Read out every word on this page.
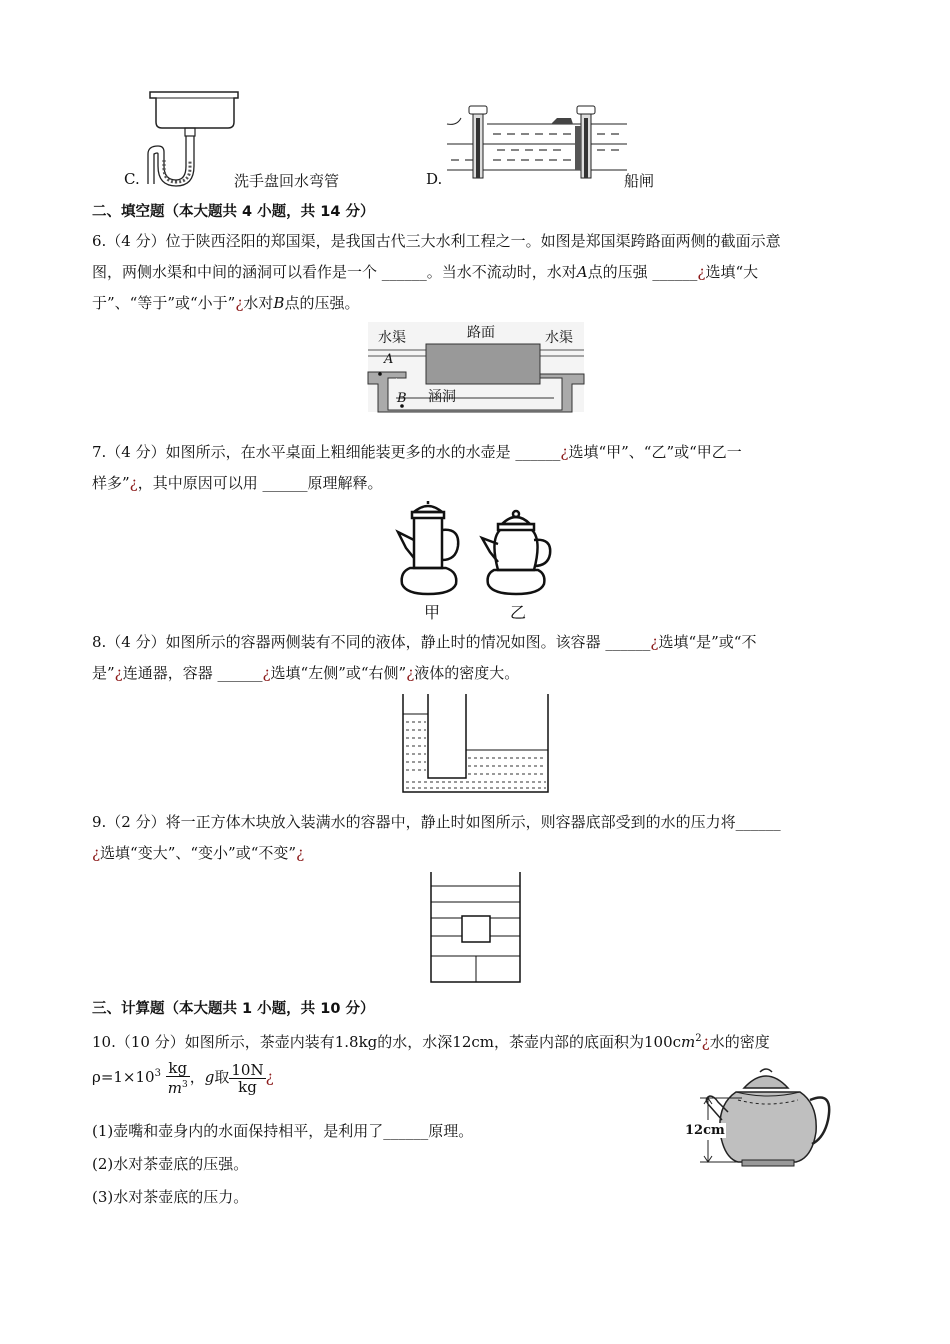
C.	洗手盘回水弯管	D.	船闸
二、填空题（本大题共 4 小题，共 14 分）
6.（4 分）位于陕西泾阳的郑国渠，是我国古代三大水利工程之一。如图是郑国渠跨路面两侧的截面示意
图，两侧水渠和中间的涵洞可以看作是一个 ______。当水不流动时，水对A点的压强 ______¿选填“大
于”、“等于”或“小于”¿水对B点的压强。
水渠	路面	水渠
A
B 涵洞
7.（4 分）如图所示，在水平桌面上粗细能装更多的水的水壶是 ______¿选填“甲”、“乙”或“甲乙一
样多”¿，其中原因可以用 ______原理解释。
甲	乙
8.（4 分）如图所示的容器两侧装有不同的液体，静止时的情况如图。该容器 ______¿选填“是”或“不
是”¿连通器，容器 ______¿选填“左侧”或“右侧”¿液体的密度大。
9.（2 分）将一正方体木块放入装满水的容器中，静止时如图所示，则容器底部受到的水的压力将______
¿选填“变大”、“变小”或“不变”¿
三、计算题（本大题共 1 小题，共 10 分）
10.（10 分）如图所示，茶壶内装有1.8kg的水，水深12cm，茶壶内部的底面积为$100cm^2¿$水的密度
$\rho=1\times 10^3 \frac{kg}{m^3}$ ，g取 $\frac{10N}{kg}$ ¿
(1)壶嘴和壶身内的水面保持相平，是利用了______原理。
(2)水对茶壶底的压强。
(3)水对茶壶底的压力。
12cm
